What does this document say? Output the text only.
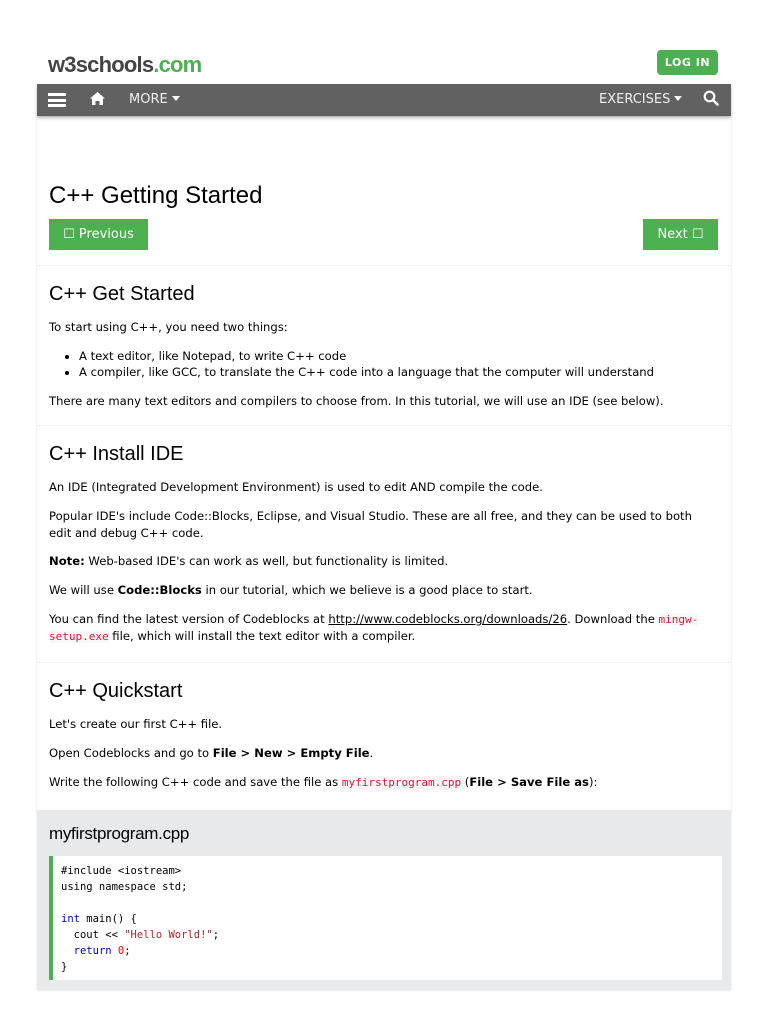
w3schools.com	LOG IN
MORE	EXERCISES
C++ Getting Started
☐ Previous	Next ☐
C++ Get Started

To start using C++, you need two things:

• A text editor, like Notepad, to write C++ code
• A compiler, like GCC, to translate the C++ code into a language that the computer will understand

There are many text editors and compilers to choose from. In this tutorial, we will use an IDE (see below).

C++ Install IDE

An IDE (Integrated Development Environment) is used to edit AND compile the code.

Popular IDE's include Code::Blocks, Eclipse, and Visual Studio. These are all free, and they can be used to both edit and debug C++ code.

Note: Web-based IDE's can work as well, but functionality is limited.

We will use Code::Blocks in our tutorial, which we believe is a good place to start.

You can find the latest version of Codeblocks at http://www.codeblocks.org/downloads/26. Download the mingw-setup.exe file, which will install the text editor with a compiler.

C++ Quickstart

Let's create our first C++ file.

Open Codeblocks and go to File > New > Empty File.

Write the following C++ code and save the file as myfirstprogram.cpp (File > Save File as):

myfirstprogram.cpp
#include <iostream>
using namespace std;

int main() {
cout << "Hello World!";
return 0;
}
